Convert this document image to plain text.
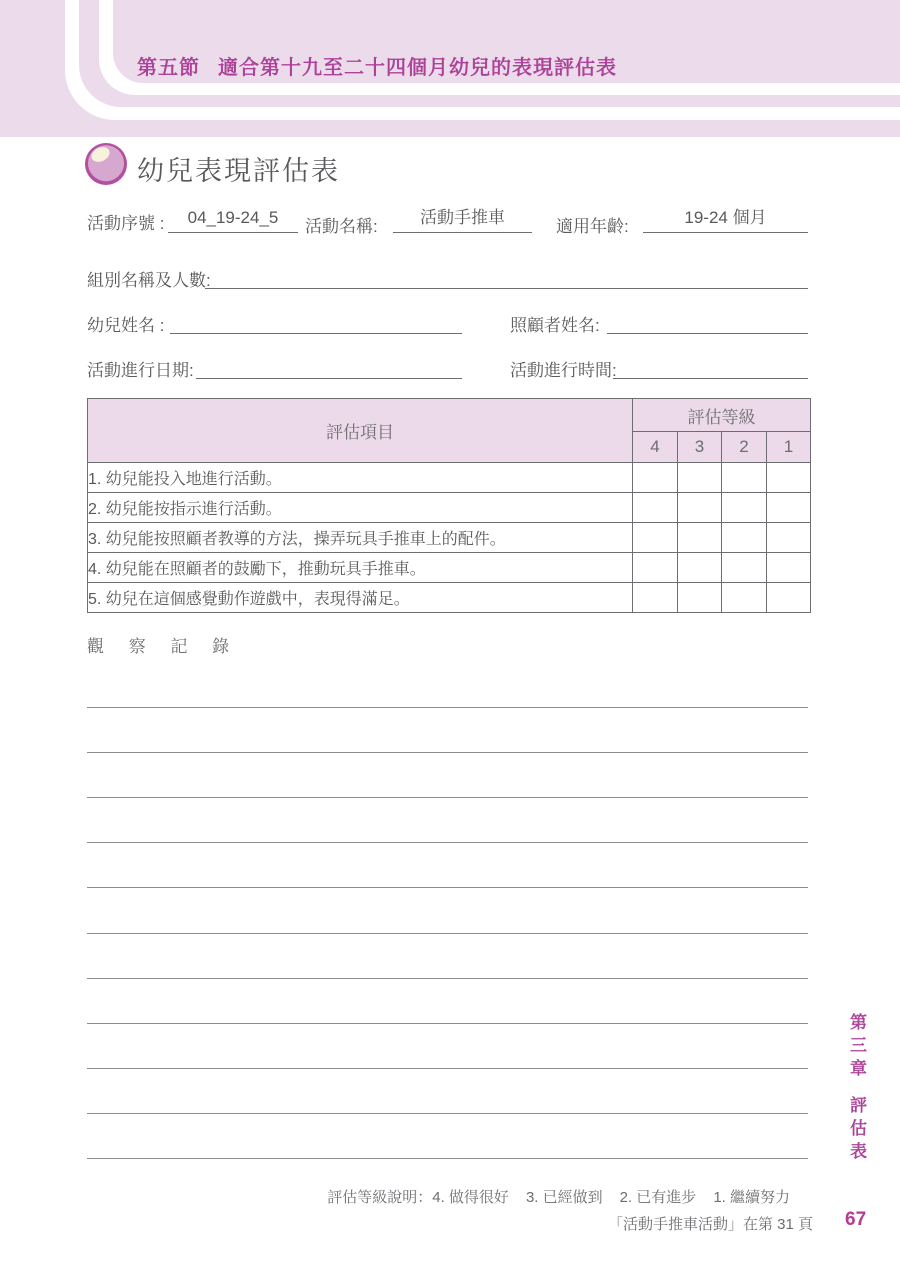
第五節 適合第十九至二十四個月幼兒的表現評估表
幼兒表現評估表
活動序號 :	04_19-24_5	活動名稱:	活動手推車	適用年齡:	19-24 個月
組別名稱及人數:
幼兒姓名 :	照顧者姓名:
活動進行日期:	活動進行時間:
評估項目	評估等級			
	4	3	2	1
1. 幼兒能投入地進行活動。				
2. 幼兒能按指示進行活動。				
3. 幼兒能按照顧者教導的方法，操弄玩具手推車上的配件。				
4. 幼兒能在照顧者的鼓勵下，推動玩具手推車。				
5. 幼兒在這個感覺動作遊戲中，表現得滿足。				
觀 察 記 錄
第三章
評估表
評估等級說明：4. 做得很好 3. 已經做到 2. 已有進步 1. 繼續努力
「活動手推車活動」在第 31 頁 67
